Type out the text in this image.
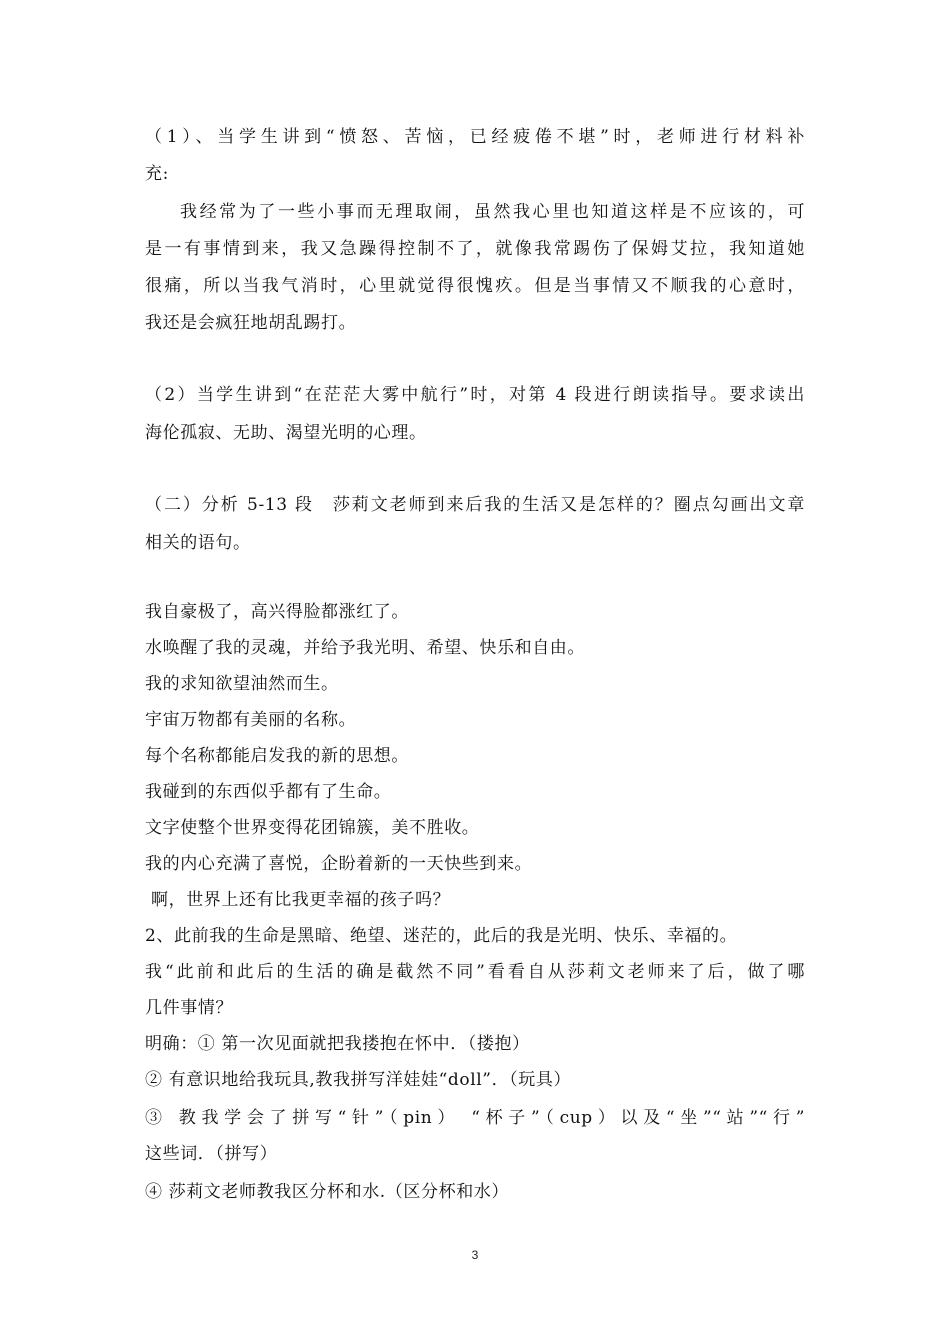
（1）、当学生讲到“愤怒、苦恼，已经疲倦不堪”时，老师进行材料补
充:
我经常为了一些小事而无理取闹，虽然我心里也知道这样是不应该的，可
是一有事情到来，我又急躁得控制不了，就像我常踢伤了保姆艾拉，我知道她
很痛，所以当我气消时，心里就觉得很愧疚。但是当事情又不顺我的心意时，
我还是会疯狂地胡乱踢打。
（2）当学生讲到“在茫茫大雾中航行”时，对第 4 段进行朗读指导。要求读出
海伦孤寂、无助、渴望光明的心理。
（二）分析 5-13 段　莎莉文老师到来后我的生活又是怎样的？圈点勾画出文章
相关的语句。
我自豪极了，高兴得脸都涨红了。
水唤醒了我的灵魂，并给予我光明、希望、快乐和自由。
我的求知欲望油然而生。
宇宙万物都有美丽的名称。
每个名称都能启发我的新的思想。
我碰到的东西似乎都有了生命。
文字使整个世界变得花团锦簇，美不胜收。
我的内心充满了喜悦，企盼着新的一天快些到来。
啊，世界上还有比我更幸福的孩子吗？
2、此前我的生命是黑暗、绝望、迷茫的，此后的我是光明、快乐、幸福的。
我“此前和此后的生活的确是截然不同”看看自从莎莉文老师来了后，做了哪
几件事情？
明确：① 第一次见面就把我搂抱在怀中．（搂抱）
② 有意识地给我玩具,教我拼写洋娃娃“doll”．（玩具）
③ 教我学会了拼写“针”（pin） “杯子”（cup）以及“坐”“站”“行”
这些词．（拼写）
④ 莎莉文老师教我区分杯和水.（区分杯和水）
3
